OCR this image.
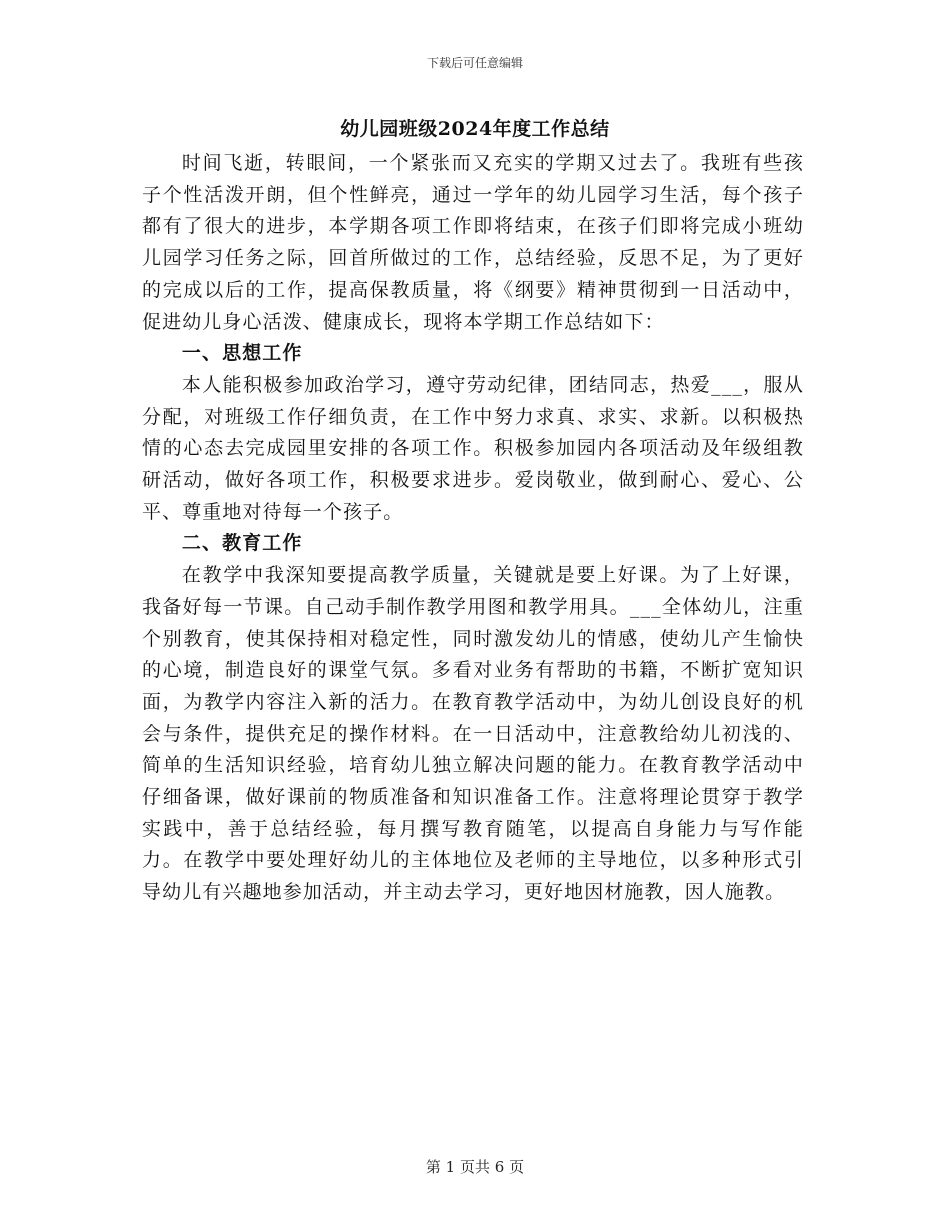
下载后可任意编辑
幼儿园班级2024年度工作总结

时间飞逝，转眼间，一个紧张而又充实的学期又过去了。我班有些孩子个性活泼开朗，但个性鲜亮，通过一学年的幼儿园学习生活，每个孩子都有了很大的进步，本学期各项工作即将结束，在孩子们即将完成小班幼儿园学习任务之际，回首所做过的工作，总结经验，反思不足，为了更好的完成以后的工作，提高保教质量，将《纲要》精神贯彻到一日活动中，促进幼儿身心活泼、健康成长，现将本学期工作总结如下：

一、思想工作

本人能积极参加政治学习，遵守劳动纪律，团结同志，热爱___，服从分配，对班级工作仔细负责，在工作中努力求真、求实、求新。以积极热情的心态去完成园里安排的各项工作。积极参加园内各项活动及年级组教研活动，做好各项工作，积极要求进步。爱岗敬业，做到耐心、爱心、公平、尊重地对待每一个孩子。

二、教育工作

在教学中我深知要提高教学质量，关键就是要上好课。为了上好课，我备好每一节课。自己动手制作教学用图和教学用具。___全体幼儿，注重个别教育，使其保持相对稳定性，同时激发幼儿的情感，使幼儿产生愉快的心境，制造良好的课堂气氛。多看对业务有帮助的书籍，不断扩宽知识面，为教学内容注入新的活力。在教育教学活动中，为幼儿创设良好的机会与条件，提供充足的操作材料。在一日活动中，注意教给幼儿初浅的、简单的生活知识经验，培育幼儿独立解决问题的能力。在教育教学活动中仔细备课，做好课前的物质准备和知识准备工作。注意将理论贯穿于教学实践中，善于总结经验，每月撰写教育随笔，以提高自身能力与写作能力。在教学中要处理好幼儿的主体地位及老师的主导地位，以多种形式引导幼儿有兴趣地参加活动，并主动去学习，更好地因材施教，因人施教。

第 1 页共 6 页
